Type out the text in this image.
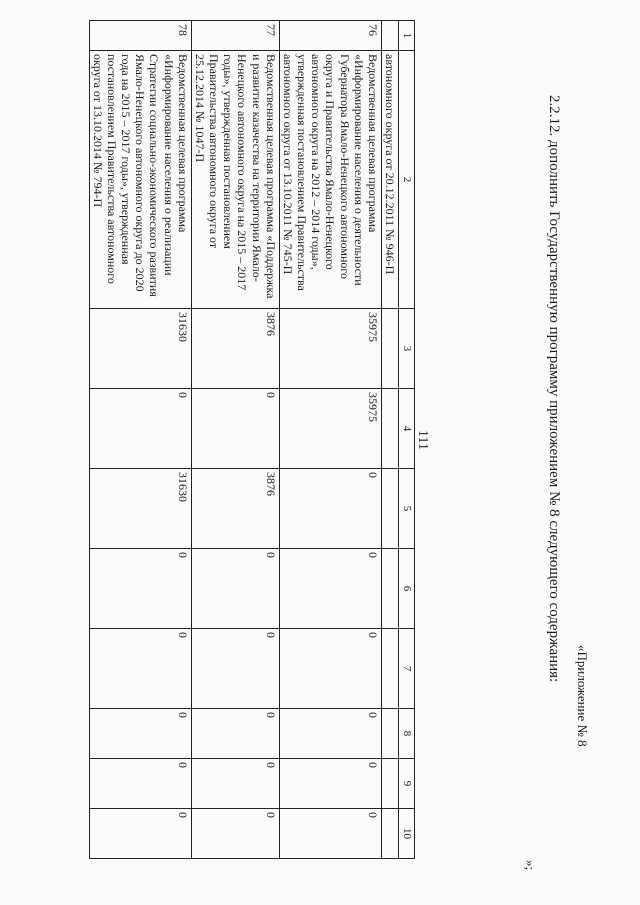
111
1	2	3	4	5	6	7	8	9	10
	автономного округа от 20.12.2011 № 946-П								
76	Ведомственная целевая программа «Информирование населения о деятельности Губернатора Ямало-Ненецкого автономного округа и Правительства Ямало-Ненецкого автономного округа на 2012 – 2014 годы», утвержденная постановлением Правительства автономного округа от 13.10.2011 № 745-П	35975	35975	0	0	0	0	0	0
77	Ведомственная целевая программа «Поддержка и развитие казачества на территории Ямало-Ненецкого автономного округа на 2015 – 2017 годы», утвержденная постановлением Правительства автономного округа от 25.12.2014 № 1047-П	3876	0	3876	0	0	0	0	0
78	Ведомственная целевая программа «Информирование населения о реализации Стратегии социально-экономического развития Ямало-Ненецкого автономного округа до 2020 года на 2015 – 2017 годы», утвержденная постановлением Правительства автономного округа от 13.10.2014 № 794-П	31630	0	31630	0	0	0	0	0
»;
2.2.12. дополнить Государственную программу приложением № 8 следующего содержания:
«Приложение № 8
